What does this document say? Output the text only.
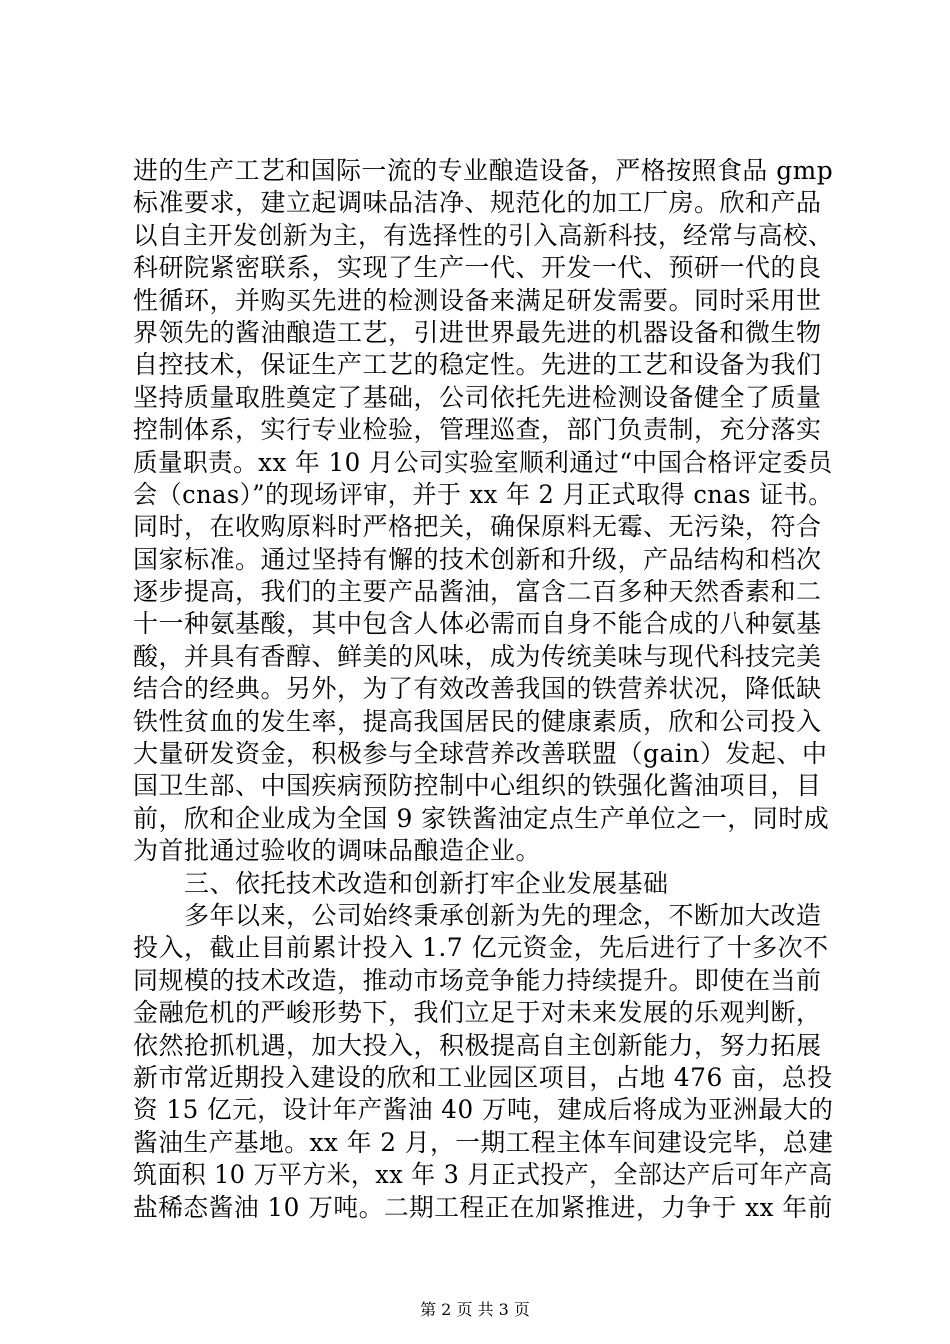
进的生产工艺和国际一流的专业酿造设备，严格按照食品 gmp
标准要求，建立起调味品洁净、规范化的加工厂房。欣和产品
以自主开发创新为主，有选择性的引入高新科技，经常与高校、
科研院紧密联系，实现了生产一代、开发一代、预研一代的良
性循环，并购买先进的检测设备来满足研发需要。同时采用世
界领先的酱油酿造工艺，引进世界最先进的机器设备和微生物
自控技术，保证生产工艺的稳定性。先进的工艺和设备为我们
坚持质量取胜奠定了基础，公司依托先进检测设备健全了质量
控制体系，实行专业检验，管理巡查，部门负责制，充分落实
质量职责。xx 年 10 月公司实验室顺利通过“中国合格评定委员
会（cnas）”的现场评审，并于 xx 年 2 月正式取得 cnas 证书。
同时，在收购原料时严格把关，确保原料无霉、无污染，符合
国家标准。通过坚持有懈的技术创新和升级，产品结构和档次
逐步提高，我们的主要产品酱油，富含二百多种天然香素和二
十一种氨基酸，其中包含人体必需而自身不能合成的八种氨基
酸，并具有香醇、鲜美的风味，成为传统美味与现代科技完美
结合的经典。另外，为了有效改善我国的铁营养状况，降低缺
铁性贫血的发生率，提高我国居民的健康素质，欣和公司投入
大量研发资金，积极参与全球营养改善联盟（gain）发起、中
国卫生部、中国疾病预防控制中心组织的铁强化酱油项目，目
前，欣和企业成为全国 9 家铁酱油定点生产单位之一，同时成
为首批通过验收的调味品酿造企业。
　　三、依托技术改造和创新打牢企业发展基础
　　多年以来，公司始终秉承创新为先的理念，不断加大改造
投入，截止目前累计投入 1.7 亿元资金，先后进行了十多次不
同规模的技术改造，推动市场竞争能力持续提升。即使在当前
金融危机的严峻形势下，我们立足于对未来发展的乐观判断，
依然抢抓机遇，加大投入，积极提高自主创新能力，努力拓展
新市常近期投入建设的欣和工业园区项目，占地 476 亩，总投
资 15 亿元，设计年产酱油 40 万吨，建成后将成为亚洲最大的
酱油生产基地。xx 年 2 月，一期工程主体车间建设完毕，总建
筑面积 10 万平方米，xx 年 3 月正式投产，全部达产后可年产高
盐稀态酱油 10 万吨。二期工程正在加紧推进，力争于 xx 年前
第 2 页 共 3 页
